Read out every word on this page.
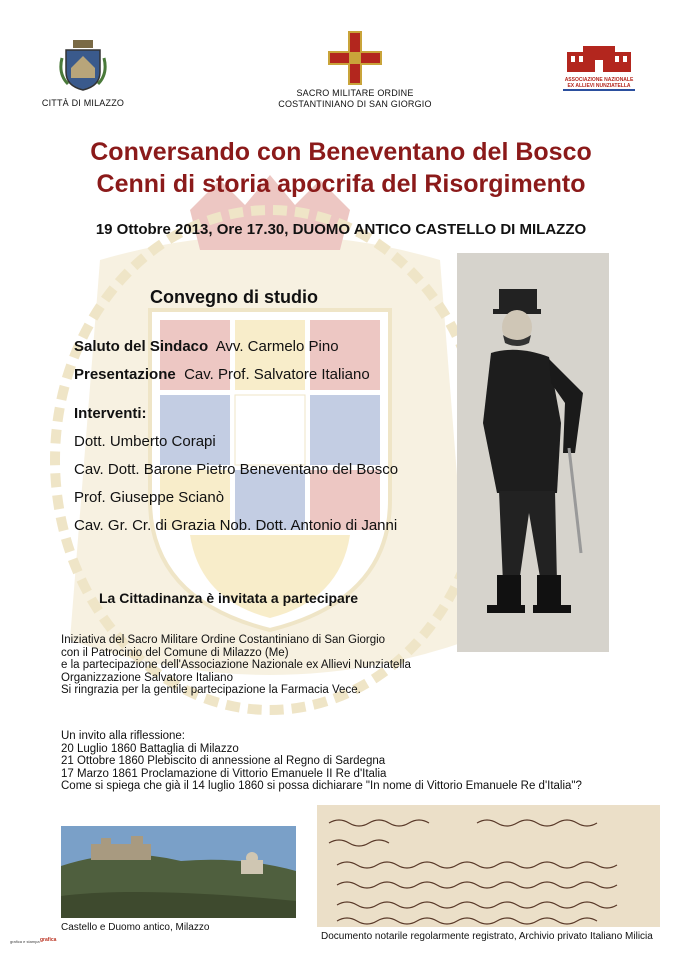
CITTÀ DI MILAZZO
SACRO MILITARE ORDINE
COSTANTINIANO DI SAN GIORGIO
ASSOCIAZIONE NAZIONALE
EX ALLIEVI NUNZIATELLA
Conversando con Beneventano del Bosco
Cenni di storia apocrifa del Risorgimento
19 Ottobre 2013, Ore 17.30, DUOMO ANTICO CASTELLO DI MILAZZO
Convegno di studio
Saluto del Sindaco Avv. Carmelo Pino
Presentazione Cav. Prof. Salvatore Italiano
Interventi:
Dott. Umberto Corapi
Cav. Dott. Barone Pietro Beneventano del Bosco
Prof. Giuseppe Scianò
Cav. Gr. Cr. di Grazia Nob. Dott. Antonio di Janni
La Cittadinanza è invitata a partecipare
Iniziativa del Sacro Militare Ordine Costantiniano di San Giorgio
con il Patrocinio del Comune di Milazzo (Me)
e la partecipazione dell'Associazione Nazionale ex Allievi Nunziatella
Organizzazione Salvatore Italiano
Si ringrazia per la gentile partecipazione la Farmacia Vece.
Un invito alla riflessione:
20 Luglio 1860 Battaglia di Milazzo
21 Ottobre 1860 Plebiscito di annessione al Regno di Sardegna
17 Marzo 1861 Proclamazione di Vittorio Emanuele II Re d'Italia
Come si spiega che già il 14 luglio 1860 si possa dichiarare "In nome di Vittorio Emanuele Re d'Italia"?
Castello e Duomo antico, Milazzo
Documento notarile regolarmente registrato, Archivio privato Italiano Milicia
grafica e stampa grafica
